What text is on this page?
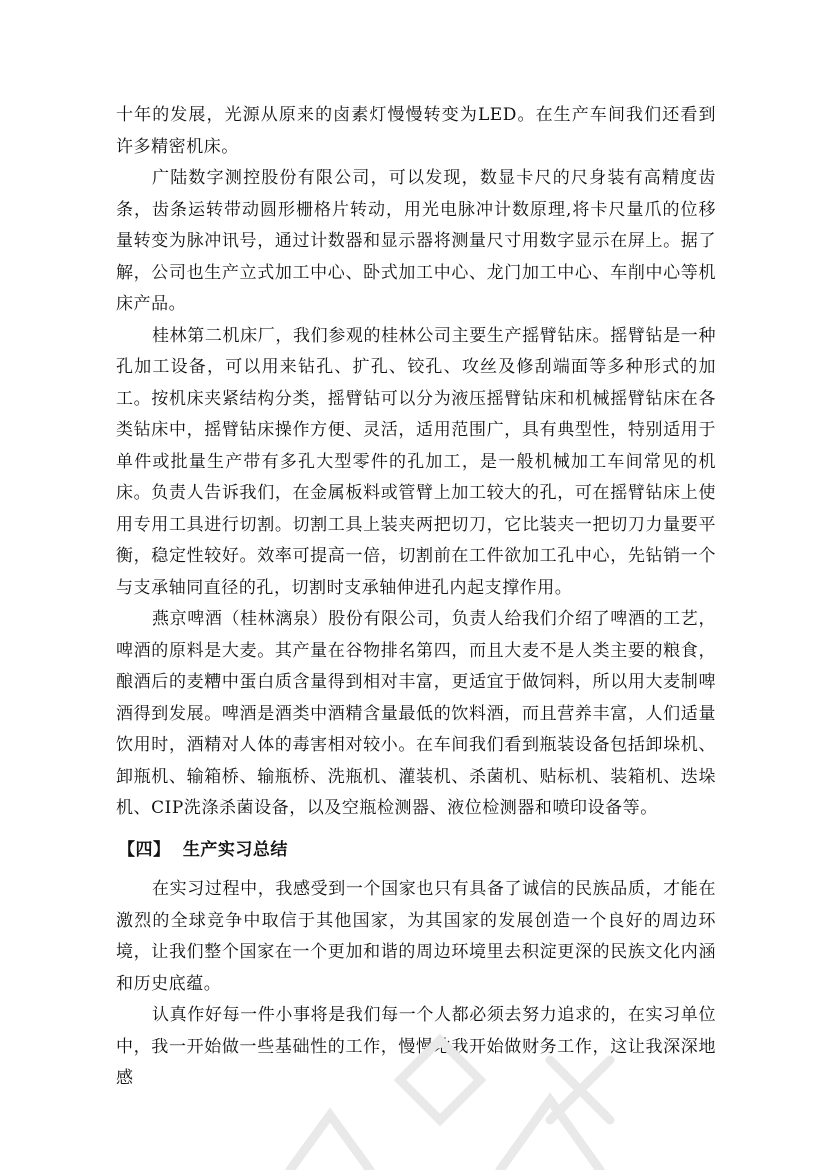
十年的发展，光源从原来的卤素灯慢慢转变为LED。在生产车间我们还看到许多精密机床。

广陆数字测控股份有限公司，可以发现，数显卡尺的尺身装有高精度齿条，齿条运转带动圆形栅格片转动，用光电脉冲计数原理,将卡尺量爪的位移量转变为脉冲讯号，通过计数器和显示器将测量尺寸用数字显示在屏上。据了解，公司也生产立式加工中心、卧式加工中心、龙门加工中心、车削中心等机床产品。

桂林第二机床厂，我们参观的桂林公司主要生产摇臂钻床。摇臂钻是一种孔加工设备，可以用来钻孔、扩孔、铰孔、攻丝及修刮端面等多种形式的加工。按机床夹紧结构分类，摇臂钻可以分为液压摇臂钻床和机械摇臂钻床在各类钻床中，摇臂钻床操作方便、灵活，适用范围广，具有典型性，特别适用于单件或批量生产带有多孔大型零件的孔加工，是一般机械加工车间常见的机床。负责人告诉我们，在金属板料或管臂上加工较大的孔，可在摇臂钻床上使用专用工具进行切割。切割工具上装夹两把切刀，它比装夹一把切刀力量要平衡，稳定性较好。效率可提高一倍，切割前在工件欲加工孔中心，先钻销一个与支承轴同直径的孔，切割时支承轴伸进孔内起支撑作用。

燕京啤酒（桂林漓泉）股份有限公司，负责人给我们介绍了啤酒的工艺，啤酒的原料是大麦。其产量在谷物排名第四，而且大麦不是人类主要的粮食，酿酒后的麦糟中蛋白质含量得到相对丰富，更适宜于做饲料，所以用大麦制啤酒得到发展。啤酒是酒类中酒精含量最低的饮料酒，而且营养丰富，人们适量饮用时，酒精对人体的毒害相对较小。在车间我们看到瓶装设备包括卸垛机、卸瓶机、输箱桥、输瓶桥、洗瓶机、灌装机、杀菌机、贴标机、装箱机、迭垛机、CIP洗涤杀菌设备，以及空瓶检测器、液位检测器和喷印设备等。

【四】 生产实习总结

在实习过程中，我感受到一个国家也只有具备了诚信的民族品质，才能在激烈的全球竞争中取信于其他国家，为其国家的发展创造一个良好的周边环境，让我们整个国家在一个更加和谐的周边环境里去积淀更深的民族文化内涵和历史底蕴。

认真作好每一件小事将是我们每一个人都必须去努力追求的，在实习单位中，我一开始做一些基础性的工作，慢慢地我开始做财务工作，这让我深深地感
